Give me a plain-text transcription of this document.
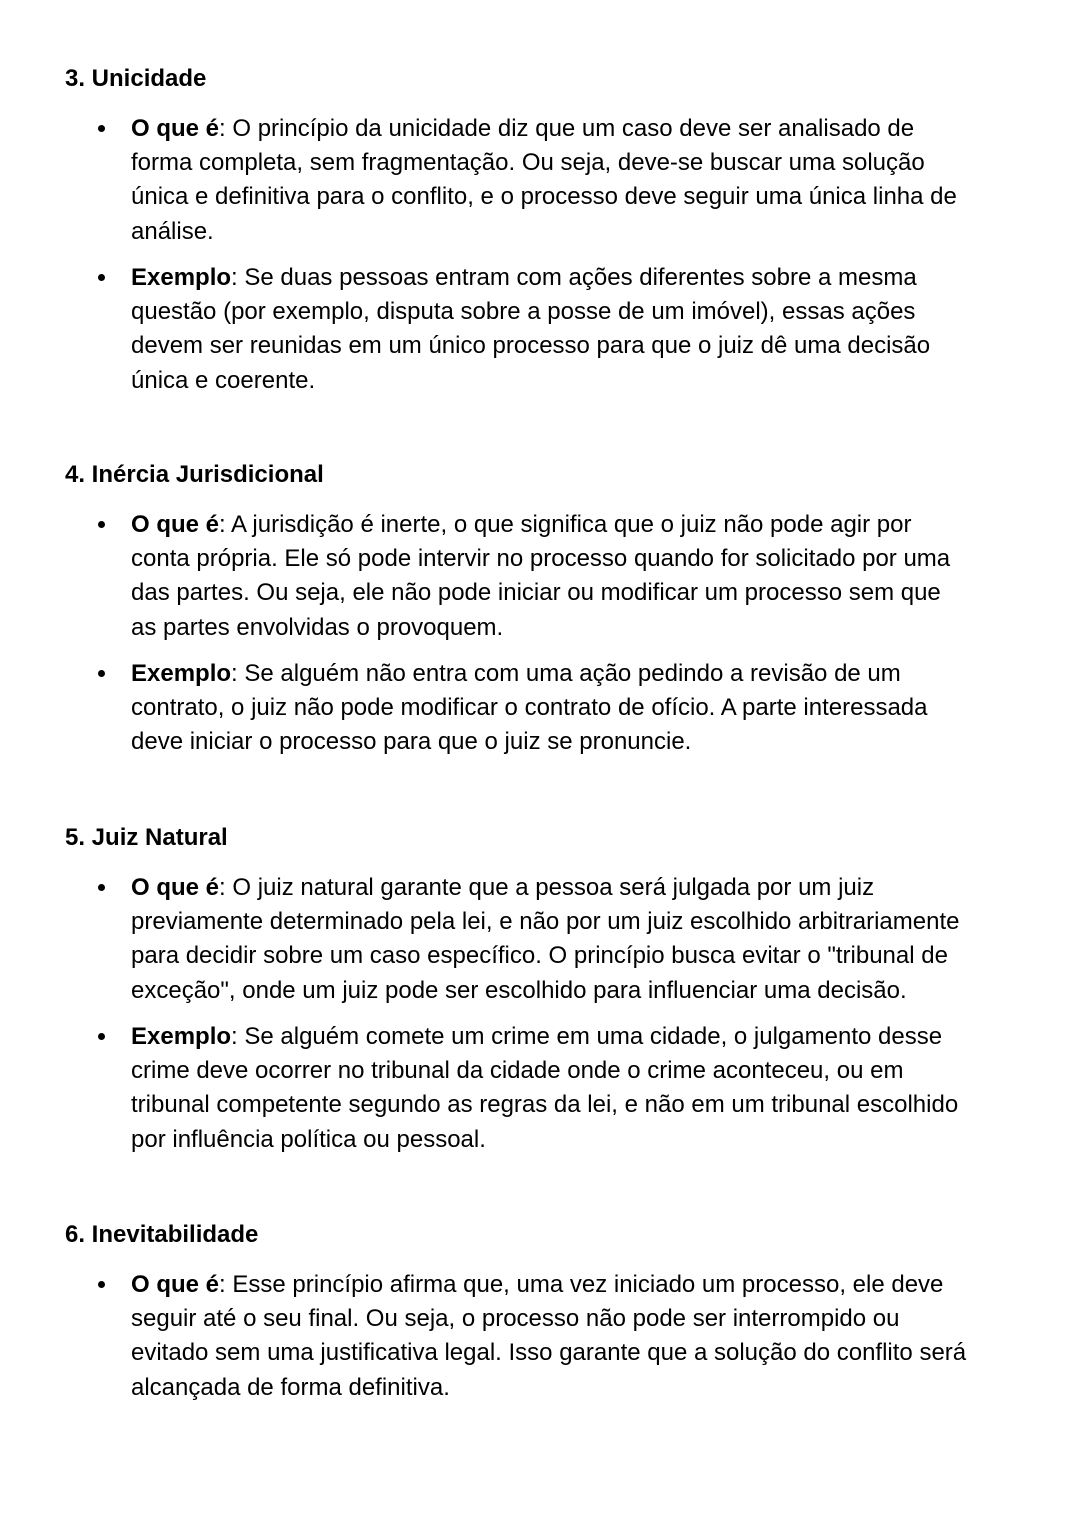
3. Unicidade

O que é: O princípio da unicidade diz que um caso deve ser analisado de
forma completa, sem fragmentação. Ou seja, deve-se buscar uma solução
única e definitiva para o conflito, e o processo deve seguir uma única linha de
análise.

Exemplo: Se duas pessoas entram com ações diferentes sobre a mesma
questão (por exemplo, disputa sobre a posse de um imóvel), essas ações
devem ser reunidas em um único processo para que o juiz dê uma decisão
única e coerente.

4. Inércia Jurisdicional

O que é: A jurisdição é inerte, o que significa que o juiz não pode agir por
conta própria. Ele só pode intervir no processo quando for solicitado por uma
das partes. Ou seja, ele não pode iniciar ou modificar um processo sem que
as partes envolvidas o provoquem.

Exemplo: Se alguém não entra com uma ação pedindo a revisão de um
contrato, o juiz não pode modificar o contrato de ofício. A parte interessada
deve iniciar o processo para que o juiz se pronuncie.

5. Juiz Natural

O que é: O juiz natural garante que a pessoa será julgada por um juiz
previamente determinado pela lei, e não por um juiz escolhido arbitrariamente
para decidir sobre um caso específico. O princípio busca evitar o "tribunal de
exceção", onde um juiz pode ser escolhido para influenciar uma decisão.

Exemplo: Se alguém comete um crime em uma cidade, o julgamento desse
crime deve ocorrer no tribunal da cidade onde o crime aconteceu, ou em
tribunal competente segundo as regras da lei, e não em um tribunal escolhido
por influência política ou pessoal.

6. Inevitabilidade

O que é: Esse princípio afirma que, uma vez iniciado um processo, ele deve
seguir até o seu final. Ou seja, o processo não pode ser interrompido ou
evitado sem uma justificativa legal. Isso garante que a solução do conflito será
alcançada de forma definitiva.
